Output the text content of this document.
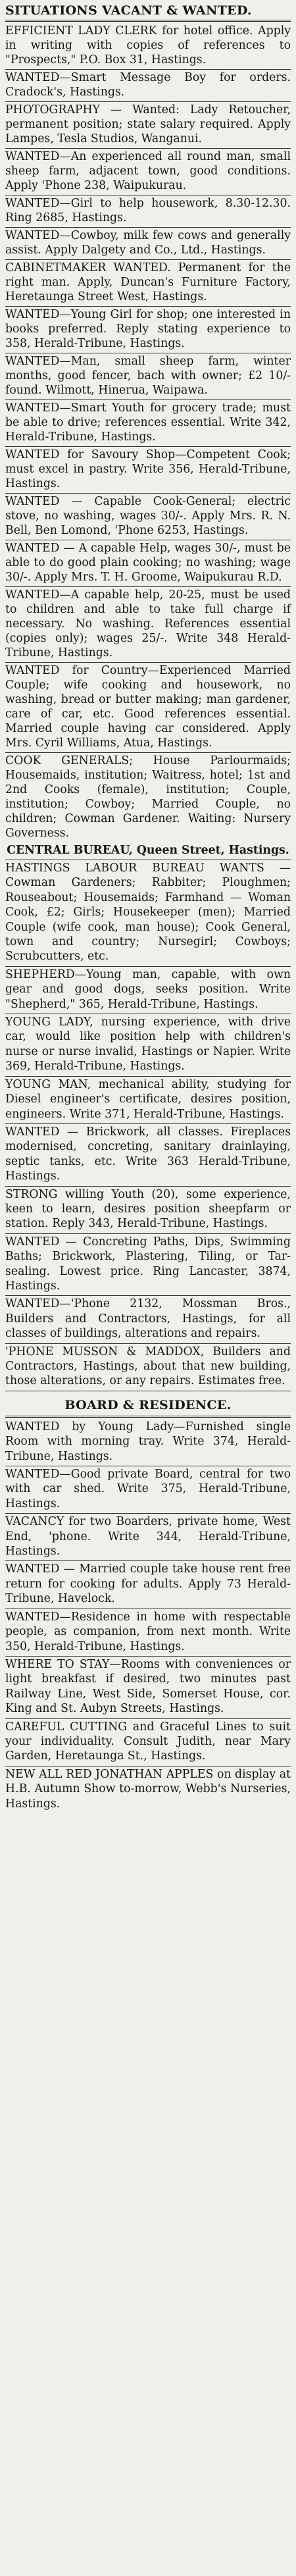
SITUATIONS VACANT & WANTED.

EFFICIENT LADY CLERK for hotel office. Apply in writing with copies of references to "Prospects," P.O. Box 31, Hastings.

WANTED—Smart Message Boy for orders. Cradock's, Hastings.

PHOTOGRAPHY — Wanted: Lady Retoucher, permanent position; state salary required. Apply Lampes, Tesla Studios, Wanganui.

WANTED—An experienced all round man, small sheep farm, adjacent town, good conditions. Apply 'Phone 238, Waipukurau.

WANTED—Girl to help housework, 8.30-12.30. Ring 2685, Hastings.

WANTED—Cowboy, milk few cows and generally assist. Apply Dalgety and Co., Ltd., Hastings.

CABINETMAKER WANTED. Permanent for the right man. Apply, Duncan's Furniture Factory, Heretaunga Street West, Hastings.

WANTED—Young Girl for shop; one interested in books preferred. Reply stating experience to 358, Herald-Tribune, Hastings.

WANTED—Man, small sheep farm, winter months, good fencer, bach with owner; £2 10/- found. Wilmott, Hinerua, Waipawa.

WANTED—Smart Youth for grocery trade; must be able to drive; references essential. Write 342, Herald-Tribune, Hastings.

WANTED for Savoury Shop—Competent Cook; must excel in pastry. Write 356, Herald-Tribune, Hastings.

WANTED — Capable Cook-General; electric stove, no washing, wages 30/-. Apply Mrs. R. N. Bell, Ben Lomond, 'Phone 6253, Hastings.

WANTED — A capable Help, wages 30/-, must be able to do good plain cooking; no washing; wage 30/-. Apply Mrs. T. H. Groome, Waipukurau R.D.

WANTED—A capable help, 20-25, must be used to children and able to take full charge if necessary. No washing. References essential (copies only); wages 25/-. Write 348 Herald-Tribune, Hastings.

WANTED for Country—Experienced Married Couple; wife cooking and housework, no washing, bread or butter making; man gardener, care of car, etc. Good references essential. Married couple having car considered. Apply Mrs. Cyril Williams, Atua, Hastings.

COOK GENERALS; House Parlourmaids; Housemaids, institution; Waitress, hotel; 1st and 2nd Cooks (female), institution; Couple, institution; Cowboy; Married Couple, no children; Cowman Gardener. Waiting: Nursery Governess.

CENTRAL BUREAU, Queen Street, Hastings.

HASTINGS LABOUR BUREAU WANTS — Cowman Gardeners; Rabbiter; Ploughmen; Rouseabout; Housemaids; Farmhand — Woman Cook, £2; Girls; Housekeeper (men); Married Couple (wife cook, man house); Cook General, town and country; Nursegirl; Cowboys; Scrubcutters, etc.

SHEPHERD—Young man, capable, with own gear and good dogs, seeks position. Write "Shepherd," 365, Herald-Tribune, Hastings.

YOUNG LADY, nursing experience, with drive car, would like position help with children's nurse or nurse invalid, Hastings or Napier. Write 369, Herald-Tribune, Hastings.

YOUNG MAN, mechanical ability, studying for Diesel engineer's certificate, desires position, engineers. Write 371, Herald-Tribune, Hastings.

WANTED — Brickwork, all classes. Fireplaces modernised, concreting, sanitary drainlaying, septic tanks, etc. Write 363 Herald-Tribune, Hastings.

STRONG willing Youth (20), some experience, keen to learn, desires position sheepfarm or station. Reply 343, Herald-Tribune, Hastings.

WANTED — Concreting Paths, Dips, Swimming Baths; Brickwork, Plastering, Tiling, or Tar-sealing. Lowest price. Ring Lancaster, 3874, Hastings.

WANTED—'Phone 2132, Mossman Bros., Builders and Contractors, Hastings, for all classes of buildings, alterations and repairs.

'PHONE MUSSON & MADDOX, Builders and Contractors, Hastings, about that new building, those alterations, or any repairs. Estimates free.

BOARD & RESIDENCE.

WANTED by Young Lady—Furnished single Room with morning tray. Write 374, Herald-Tribune, Hastings.

WANTED—Good private Board, central for two with car shed. Write 375, Herald-Tribune, Hastings.

VACANCY for two Boarders, private home, West End, 'phone. Write 344, Herald-Tribune, Hastings.

WANTED — Married couple take house rent free return for cooking for adults. Apply 73 Herald-Tribune, Havelock.

WANTED—Residence in home with respectable people, as companion, from next month. Write 350, Herald-Tribune, Hastings.

WHERE TO STAY—Rooms with conveniences or light breakfast if desired, two minutes past Railway Line, West Side, Somerset House, cor. King and St. Aubyn Streets, Hastings.

CAREFUL CUTTING and Graceful Lines to suit your individuality. Consult Judith, near Mary Garden, Heretaunga St., Hastings.

NEW ALL RED JONATHAN APPLES on display at H.B. Autumn Show to-morrow, Webb's Nurseries, Hastings.
